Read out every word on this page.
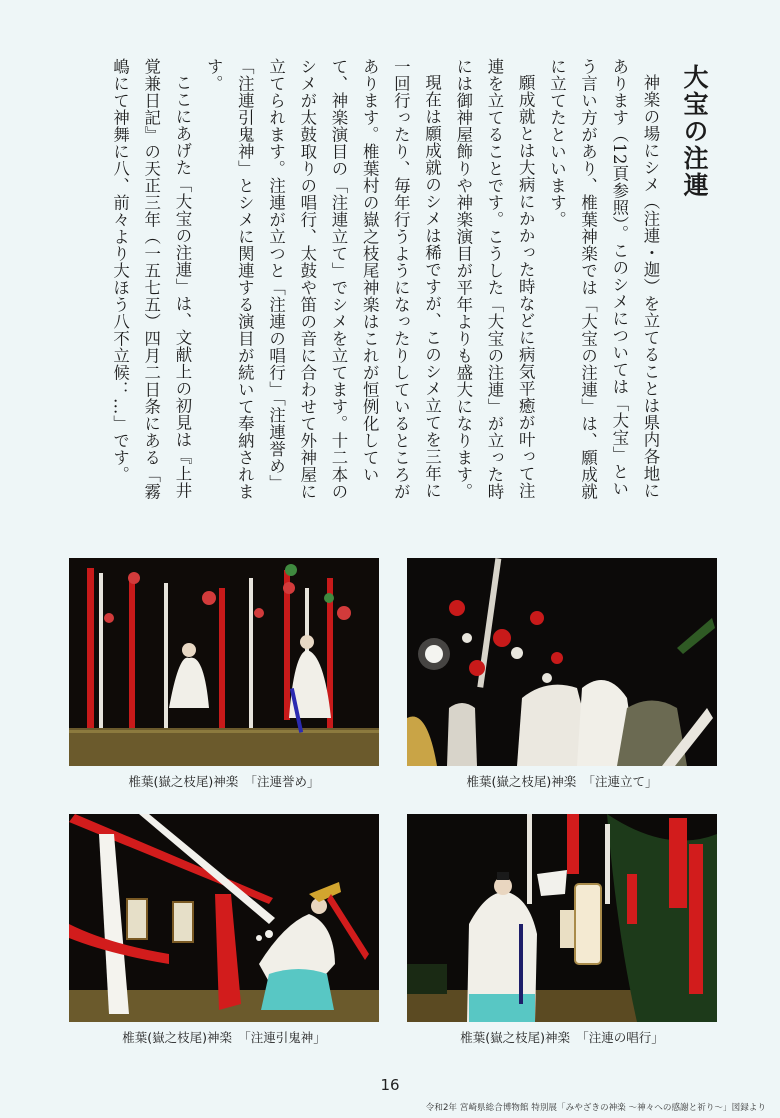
大宝の注連

神楽の場にシメ（注連・迦）を立てることは県内各地にあります（12頁参照）。このシメについては「大宝」という言い方があり、椎葉神楽では「大宝の注連」は、願成就に立てたといいます。

願成就とは大病にかかった時などに病気平癒が叶って注連を立てることです。こうした「大宝の注連」が立った時には御神屋飾りや神楽演目が平年よりも盛大になります。

現在は願成就のシメは稀ですが、このシメ立てを三年に一回行ったり、毎年行うようになったりしているところがあります。椎葉村の嶽之枝尾神楽はこれが恒例化していて、神楽演目の「注連立て」でシメを立てます。十二本のシメが太鼓取りの唱行、太鼓や笛の音に合わせて外神屋に立てられます。注連が立つと「注連の唱行」「注連誉め」「注連引鬼神」とシメに関連する演目が続いて奉納されます。

ここにあげた「大宝の注連」は、文献上の初見は『上井覚兼日記』の天正三年（一五七五）四月二日条にある「霧嶋にて神舞に八、前々より大ほう八不立候：…」です。

椎葉(嶽之枝尾)神楽　「注連誉め」	椎葉(嶽之枝尾)神楽　「注連立て」
椎葉(嶽之枝尾)神楽　「注連引鬼神」	椎葉(嶽之枝尾)神楽　「注連の唱行」
16
令和2年 宮崎県総合博物館 特別展「みやざきの神楽 ～神々への感謝と祈り～」図録より
